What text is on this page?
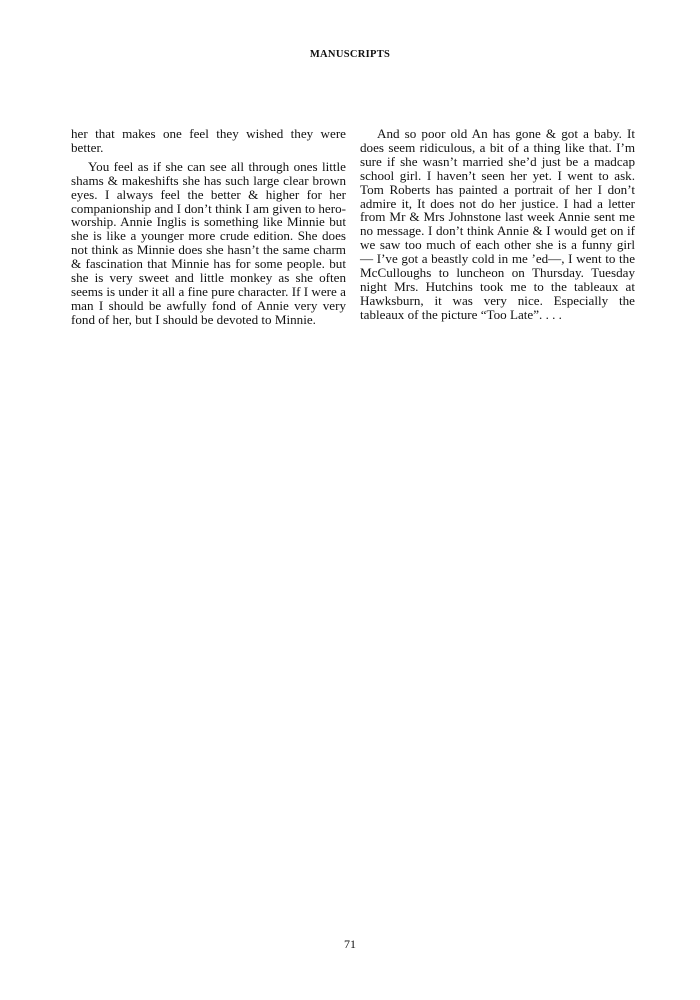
MANUSCRIPTS

her that makes one feel they wished they were better.

You feel as if she can see all through ones little shams & makeshifts she has such large clear brown eyes. I always feel the better & higher for her companionship and I don’t think I am given to hero-worship. Annie Inglis is something like Minnie but she is like a younger more crude edition. She does not think as Minnie does she hasn’t the same charm & fascination that Minnie has for some people. but she is very sweet and little monkey as she often seems is under it all a fine pure character. If I were a man I should be awfully fond of Annie very very fond of her, but I should be devoted to Minnie.

And so poor old An has gone & got a baby. It does seem ridiculous, a bit of a thing like that. I’m sure if she wasn’t married she’d just be a madcap school girl. I haven’t seen her yet. I went to ask. Tom Roberts has painted a portrait of her I don’t admire it, It does not do her justice. I had a letter from Mr & Mrs Johnstone last week Annie sent me no message. I don’t think Annie & I would get on if we saw too much of each other she is a funny girl — I’ve got a beastly cold in me ’ed—, I went to the McCulloughs to luncheon on Thursday. Tuesday night Mrs. Hutchins took me to the tableaux at Hawksburn, it was very nice. Especially the tableaux of the picture “Too Late”. . . .

71
